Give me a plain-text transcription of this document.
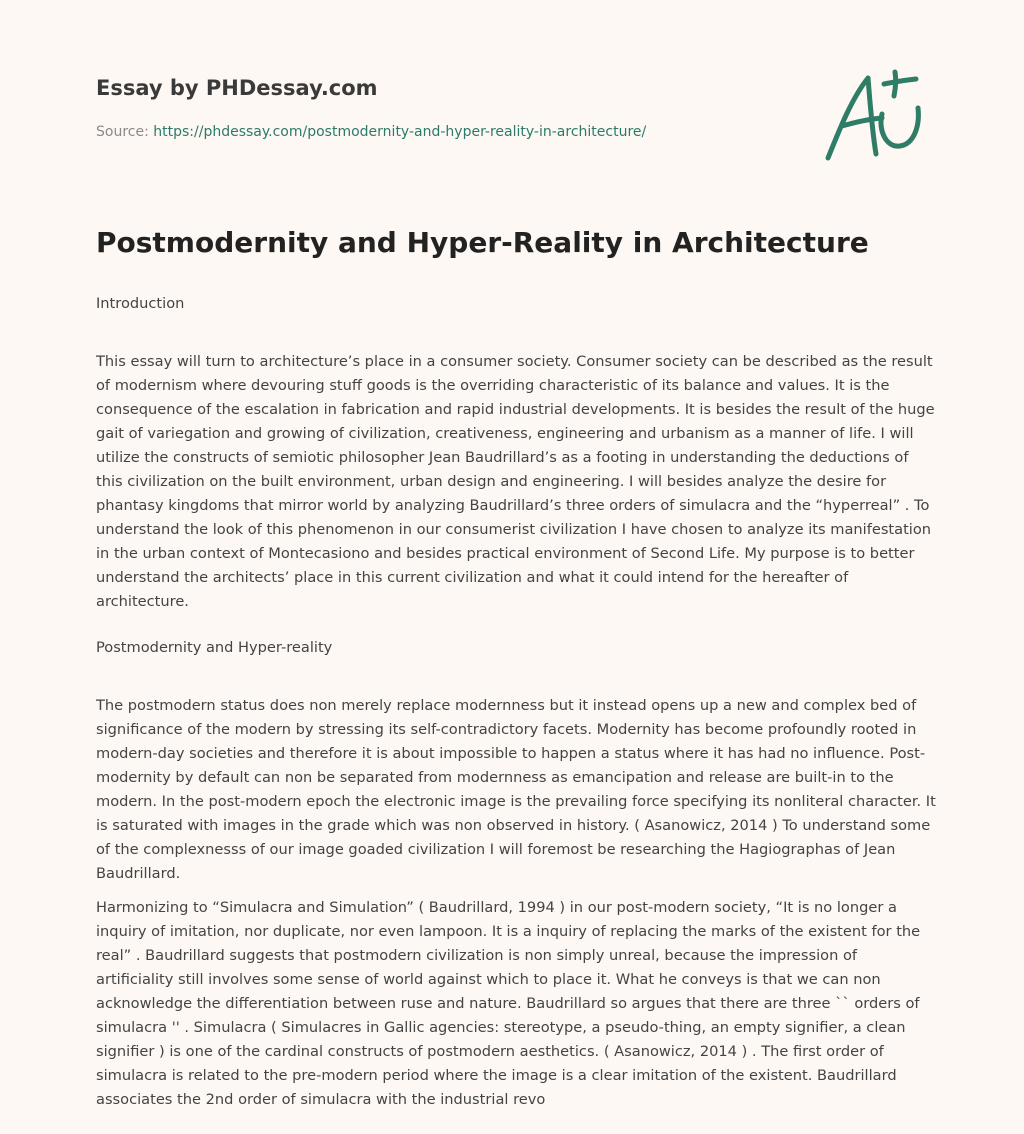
Essay by PHDessay.com
Source: https://phdessay.com/postmodernity-and-hyper-reality-in-architecture/
Postmodernity and Hyper-Reality in Architecture

Introduction

This essay will turn to architecture’s place in a consumer society. Consumer society can be described as the result of modernism where devouring stuff goods is the overriding characteristic of its balance and values. It is the consequence of the escalation in fabrication and rapid industrial developments. It is besides the result of the huge gait of variegation and growing of civilization, creativeness, engineering and urbanism as a manner of life. I will utilize the constructs of semiotic philosopher Jean Baudrillard’s as a footing in understanding the deductions of this civilization on the built environment, urban design and engineering. I will besides analyze the desire for phantasy kingdoms that mirror world by analyzing Baudrillard’s three orders of simulacra and the “hyperreal” . To understand the look of this phenomenon in our consumerist civilization I have chosen to analyze its manifestation in the urban context of Montecasiono and besides practical environment of Second Life. My purpose is to better understand the architects’ place in this current civilization and what it could intend for the hereafter of architecture.

Postmodernity and Hyper-reality

The postmodern status does non merely replace modernness but it instead opens up a new and complex bed of significance of the modern by stressing its self-contradictory facets. Modernity has become profoundly rooted in modern-day societies and therefore it is about impossible to happen a status where it has had no influence. Post-modernity by default can non be separated from modernness as emancipation and release are built-in to the modern. In the post-modern epoch the electronic image is the prevailing force specifying its nonliteral character. It is saturated with images in the grade which was non observed in history. ( Asanowicz, 2014 ) To understand some of the complexnesss of our image goaded civilization I will foremost be researching the Hagiographas of Jean Baudrillard.

Harmonizing to “Simulacra and Simulation” ( Baudrillard, 1994 ) in our post-modern society, “It is no longer a inquiry of imitation, nor duplicate, nor even lampoon. It is a inquiry of replacing the marks of the existent for the real” . Baudrillard suggests that postmodern civilization is non simply unreal, because the impression of artificiality still involves some sense of world against which to place it. What he conveys is that we can non acknowledge the differentiation between ruse and nature. Baudrillard so argues that there are three `` orders of simulacra '' . Simulacra ( Simulacres in Gallic agencies: stereotype, a pseudo-thing, an empty signifier, a clean signifier ) is one of the cardinal constructs of postmodern aesthetics. ( Asanowicz, 2014 ) . The first order of simulacra is related to the pre-modern period where the image is a clear imitation of the existent. Baudrillard associates the 2nd order of simulacra with the industrial revo
